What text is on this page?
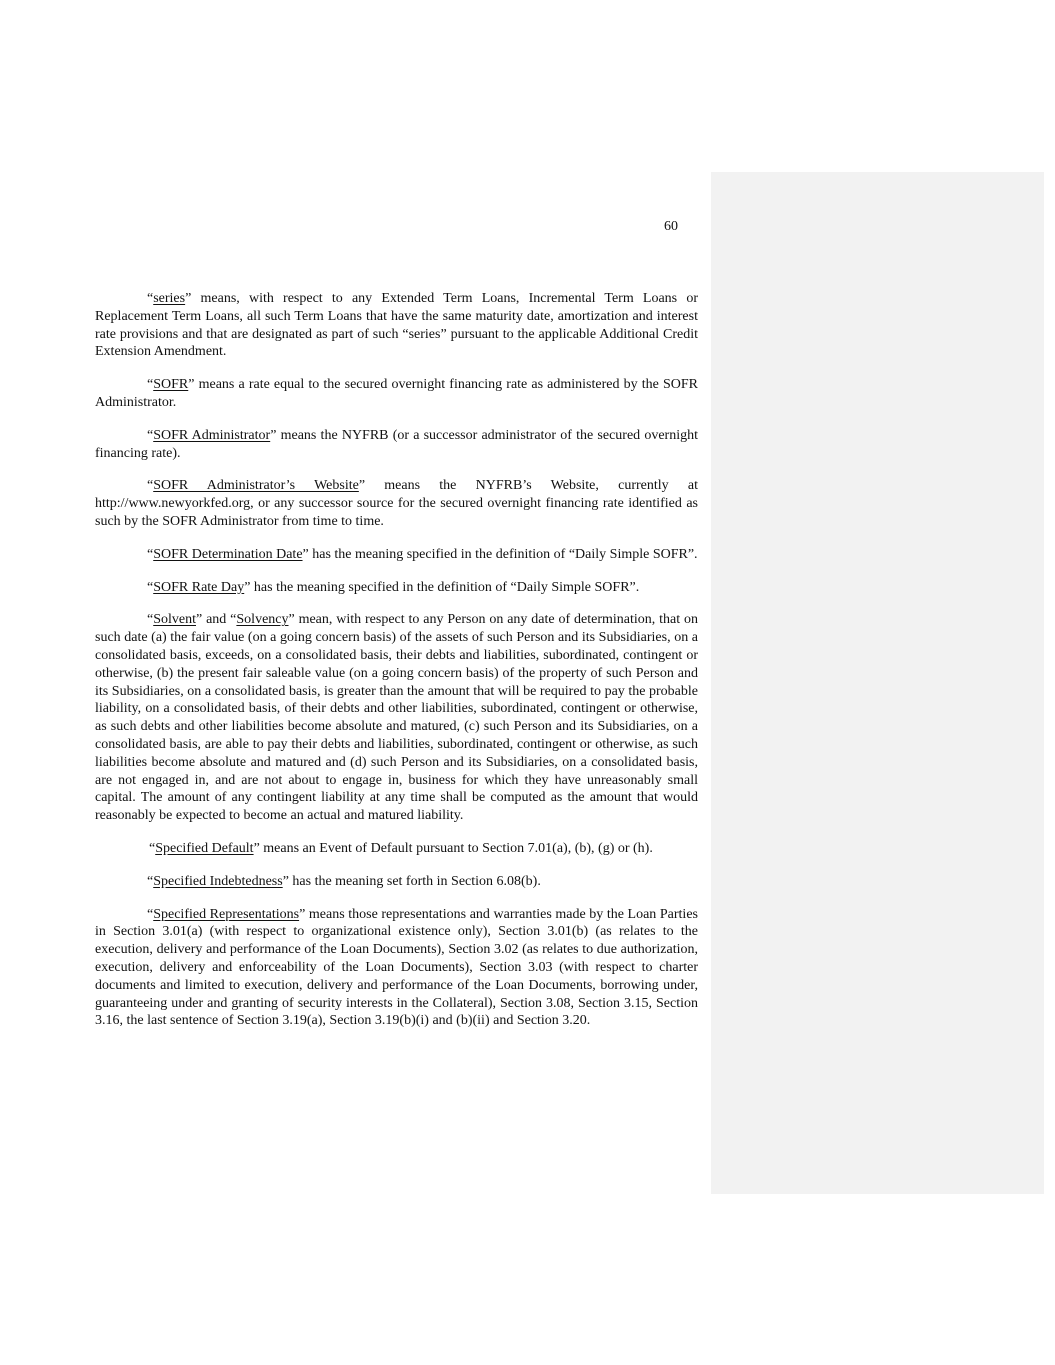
60

“series” means, with respect to any Extended Term Loans, Incremental Term Loans or Replacement Term Loans, all such Term Loans that have the same maturity date, amortization and interest rate provisions and that are designated as part of such “series” pursuant to the applicable Additional Credit Extension Amendment.

“SOFR” means a rate equal to the secured overnight financing rate as administered by the SOFR Administrator.

“SOFR Administrator” means the NYFRB (or a successor administrator of the secured overnight financing rate).

“SOFR Administrator’s Website” means the NYFRB’s Website, currently at http://www.newyorkfed.org, or any successor source for the secured overnight financing rate identified as such by the SOFR Administrator from time to time.

“SOFR Determination Date” has the meaning specified in the definition of “Daily Simple SOFR”.

“SOFR Rate Day” has the meaning specified in the definition of “Daily Simple SOFR”.

“Solvent” and “Solvency” mean, with respect to any Person on any date of determination, that on such date (a) the fair value (on a going concern basis) of the assets of such Person and its Subsidiaries, on a consolidated basis, exceeds, on a consolidated basis, their debts and liabilities, subordinated, contingent or otherwise, (b) the present fair saleable value (on a going concern basis) of the property of such Person and its Subsidiaries, on a consolidated basis, is greater than the amount that will be required to pay the probable liability, on a consolidated basis, of their debts and other liabilities, subordinated, contingent or otherwise, as such debts and other liabilities become absolute and matured, (c) such Person and its Subsidiaries, on a consolidated basis, are able to pay their debts and liabilities, subordinated, contingent or otherwise, as such liabilities become absolute and matured and (d) such Person and its Subsidiaries, on a consolidated basis, are not engaged in, and are not about to engage in, business for which they have unreasonably small capital. The amount of any contingent liability at any time shall be computed as the amount that would reasonably be expected to become an actual and matured liability.

“Specified Default” means an Event of Default pursuant to Section 7.01(a), (b), (g) or (h).

“Specified Indebtedness” has the meaning set forth in Section 6.08(b).

“Specified Representations” means those representations and warranties made by the Loan Parties in Section 3.01(a) (with respect to organizational existence only), Section 3.01(b) (as relates to the execution, delivery and performance of the Loan Documents), Section 3.02 (as relates to due authorization, execution, delivery and enforceability of the Loan Documents), Section 3.03 (with respect to charter documents and limited to execution, delivery and performance of the Loan Documents, borrowing under, guaranteeing under and granting of security interests in the Collateral), Section 3.08, Section 3.15, Section 3.16, the last sentence of Section 3.19(a), Section 3.19(b)(i) and (b)(ii) and Section 3.20.
